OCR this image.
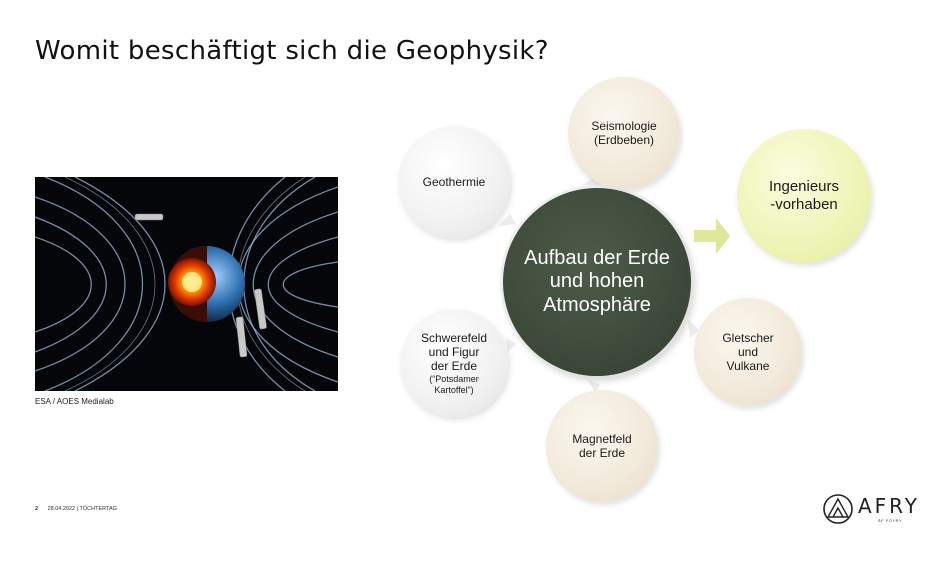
Womit beschäftigt sich die Geophysik?
ESA / AOES Medialab
Seismologie
(Erdbeben)
Geothermie	Ingenieurs
-vorhaben
Aufbau der Erde und hohen Atmosphäre
Gletscher
und
Vulkane
Schwerefeld
und Figur
der Erde
(“Potsdamer
Kartoffel”)
Magnetfeld
der Erde
2 28.04.2022 | TÖCHTERTAG	AFRY
ÅF PÖYRY
